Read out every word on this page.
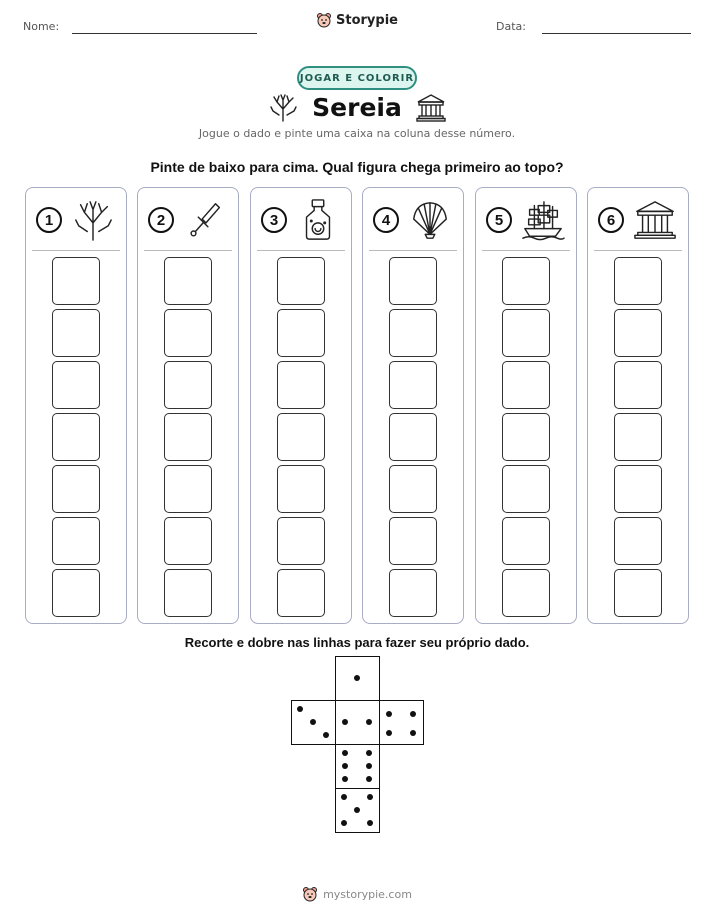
Nome:	Storypie	Data:
JOGAR E COLORIR
Sereia
Jogue o dado e pinte uma caixa na coluna desse número.
Pinte de baixo para cima. Qual figura chega primeiro ao topo?
1	2	3	4	5	6
Recorte e dobre nas linhas para fazer seu próprio dado.
mystorypie.com
